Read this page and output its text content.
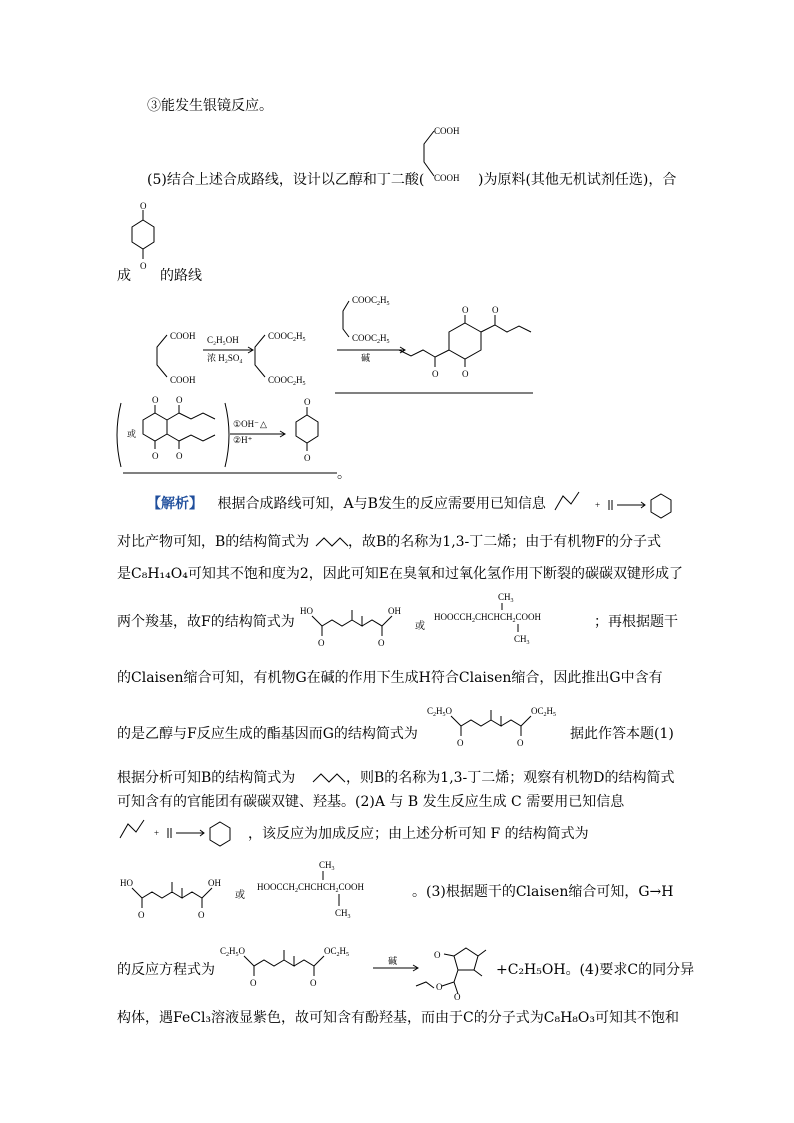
③能发生银镜反应。
COOH
COOH
(5)结合上述合成路线，设计以乙醇和丁二酸(	)为原料(其他无机试剂任选)，合
O
O
成 的路线
COOH
COOH
C₂H₅OH
浓 H₂SO₄
$COOC_2H_5$
$COOC_2H_5$
$COOC_2H_5$
$COOC_2H_5$
碱
O
O
O
O
或
O
O
O
O
①OH⁻
②H⁺
△
O
O
。
【解析】 根据合成路线可知，A与B发生的反应需要用已知信息	+
对比产物可知，B的结构简式为	，故B的名称为1,3-丁二烯；由于有机物F的分子式
是C₈H₁₄O₄可知其不饱和度为2，因此可知E在臭氧和过氧化氢作用下断裂的碳碳双键形成了
两个羧基，故F的结构简式为
HO
O	O
OH
或
$CH_3$
$HOOCCH_2CHCHCH_2COOH$
$CH_3$
；再根据题干
的Claisen缩合可知，有机物G在碱的作用下生成H符合Claisen缩合，因此推出G中含有
的是乙醇与F反应生成的酯基因而G的结构简式为
$C_2H_5O$
O	O
$OC_2H_5$
据此作答本题(1)
根据分析可知B的结构简式为	，则B的名称为1,3-丁二烯；观察有机物D的结构简式
可知含有的官能团有碳碳双键、羟基。(2)A 与 B 发生反应生成 C 需要用已知信息
+	，该反应为加成反应；由上述分析可知 F 的结构简式为
HO
O	O
OH
或
$CH_3$
$HOOCCH_2CHCHCH_2COOH$
$CH_3$
。(3)根据题干的Claisen缩合可知，G→H
的反应方程式为
$C_2H_5O$
O	O
$OC_2H_5$
碱
O
O
O
+C₂H₅OH。(4)要求C的同分异
构体，遇FeCl₃溶液显紫色，故可知含有酚羟基，而由于C的分子式为C₈H₈O₃可知其不饱和
